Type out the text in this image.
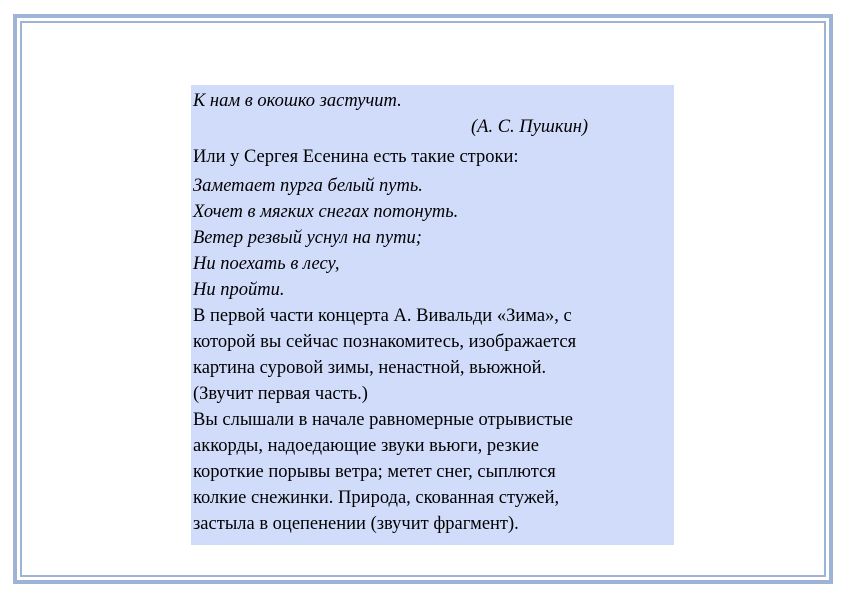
К нам в окошко застучит.
(А. С. Пушкин)
Или у Сергея Есенина есть такие строки:
Заметает пурга белый путь.
Хочет в мягких снегах потонуть.
Ветер резвый уснул на пути;
Ни поехать в лесу,
Ни пройти.
В первой части концерта А. Вивальди «Зима», с
которой вы сейчас познакомитесь, изображается
картина суровой зимы, ненастной, вьюжной.
(Звучит первая часть.)
Вы слышали в начале равномерные отрывистые
аккорды, надоедающие звуки вьюги, резкие
короткие порывы ветра; метет снег, сыплются
колкие снежинки. Природа, скованная стужей,
застыла в оцепенении (звучит фрагмент).
